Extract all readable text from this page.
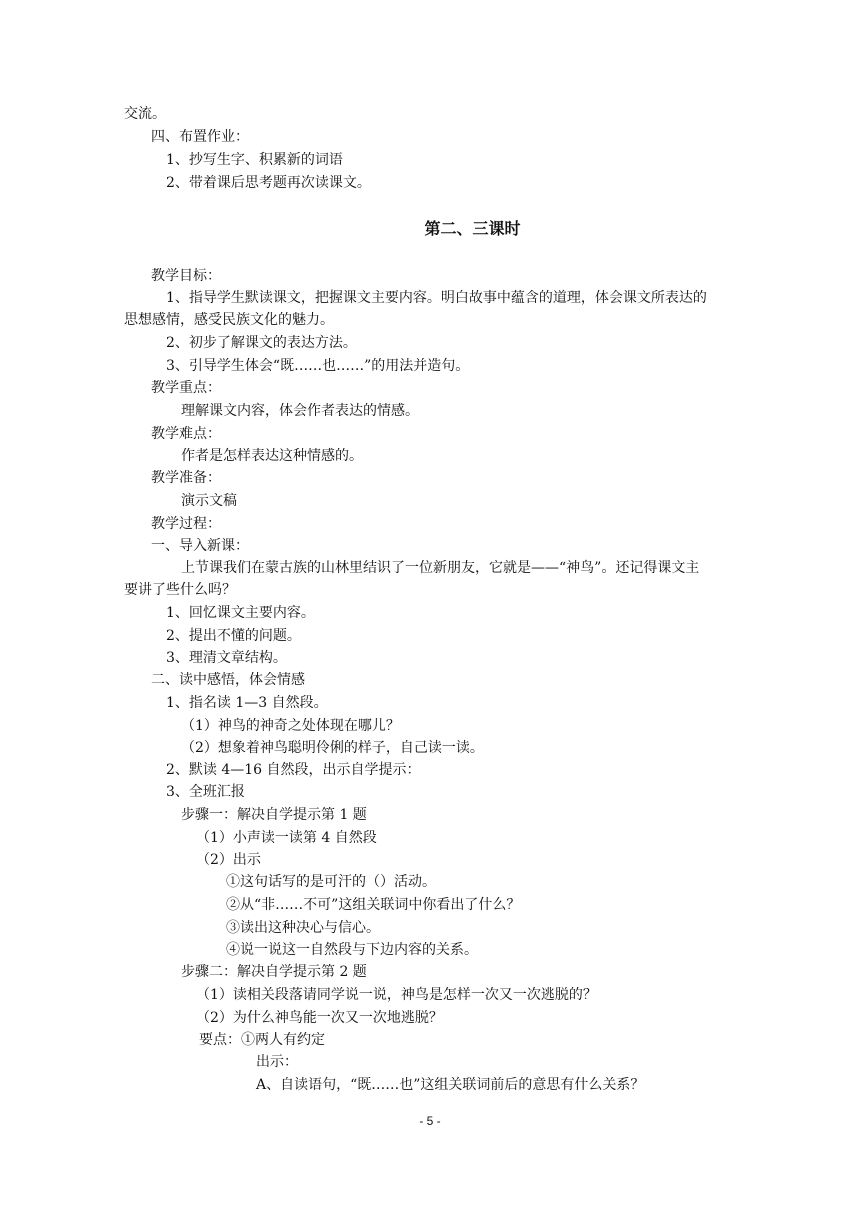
交流。
四、布置作业：
1、抄写生字、积累新的词语
2、带着课后思考题再次读课文。
第二、三课时
教学目标：
1、指导学生默读课文，把握课文主要内容。明白故事中蕴含的道理，体会课文所表达的
思想感情，感受民族文化的魅力。
2、初步了解课文的表达方法。
3、引导学生体会“既……也……”的用法并造句。
教学重点：
理解课文内容，体会作者表达的情感。
教学难点：
作者是怎样表达这种情感的。
教学准备：
演示文稿
教学过程：
一、导入新课：
上节课我们在蒙古族的山林里结识了一位新朋友，它就是——“神鸟”。还记得课文主
要讲了些什么吗？
1、回忆课文主要内容。
2、提出不懂的问题。
3、理清文章结构。
二、读中感悟，体会情感
1、指名读 1—3 自然段。
（1）神鸟的神奇之处体现在哪儿？
（2）想象着神鸟聪明伶俐的样子，自己读一读。
2、默读 4—16 自然段，出示自学提示：
3、全班汇报
步骤一：解决自学提示第 1 题
（1）小声读一读第 4 自然段
（2）出示
①这句话写的是可汗的（）活动。
②从“非……不可”这组关联词中你看出了什么？
③读出这种决心与信心。
④说一说这一自然段与下边内容的关系。
步骤二：解决自学提示第 2 题
（1）读相关段落请同学说一说，神鸟是怎样一次又一次逃脱的？
（2）为什么神鸟能一次又一次地逃脱？
要点：①两人有约定
出示：
A、自读语句，“既……也”这组关联词前后的意思有什么关系？
- 5 -
